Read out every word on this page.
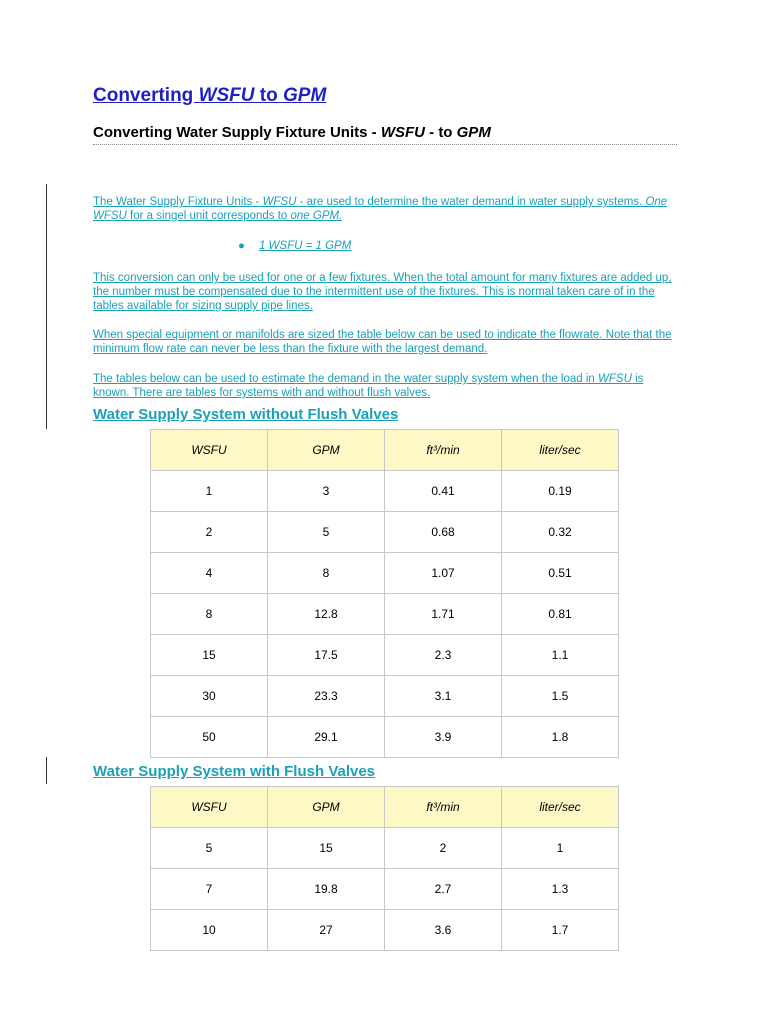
Converting WSFU to GPM
Converting Water Supply Fixture Units - WSFU - to GPM
The Water Supply Fixture Units - WFSU - are used to determine the water demand in water supply systems. One WFSU for a singel unit corresponds to one GPM.
● 1 WSFU = 1 GPM
This conversion can only be used for one or a few fixtures. When the total amount for many fixtures are added up, the number must be compensated due to the intermittent use of the fixtures. This is normal taken care of in the tables available for sizing supply pipe lines.
When special equipment or manifolds are sized the table below can be used to indicate the flowrate. Note that the minimum flow rate can never be less than the fixture with the largest demand.
The tables below can be used to estimate the demand in the water supply system when the load in WFSU is known. There are tables for systems with and without flush valves.
Water Supply System without Flush Valves
WSFU	GPM	ft³/min	liter/sec
1	3	0.41	0.19
2	5	0.68	0.32
4	8	1.07	0.51
8	12.8	1.71	0.81
15	17.5	2.3	1.1
30	23.3	3.1	1.5
50	29.1	3.9	1.8
Water Supply System with Flush Valves
WSFU	GPM	ft³/min	liter/sec
5	15	2	1
7	19.8	2.7	1.3
10	27	3.6	1.7
